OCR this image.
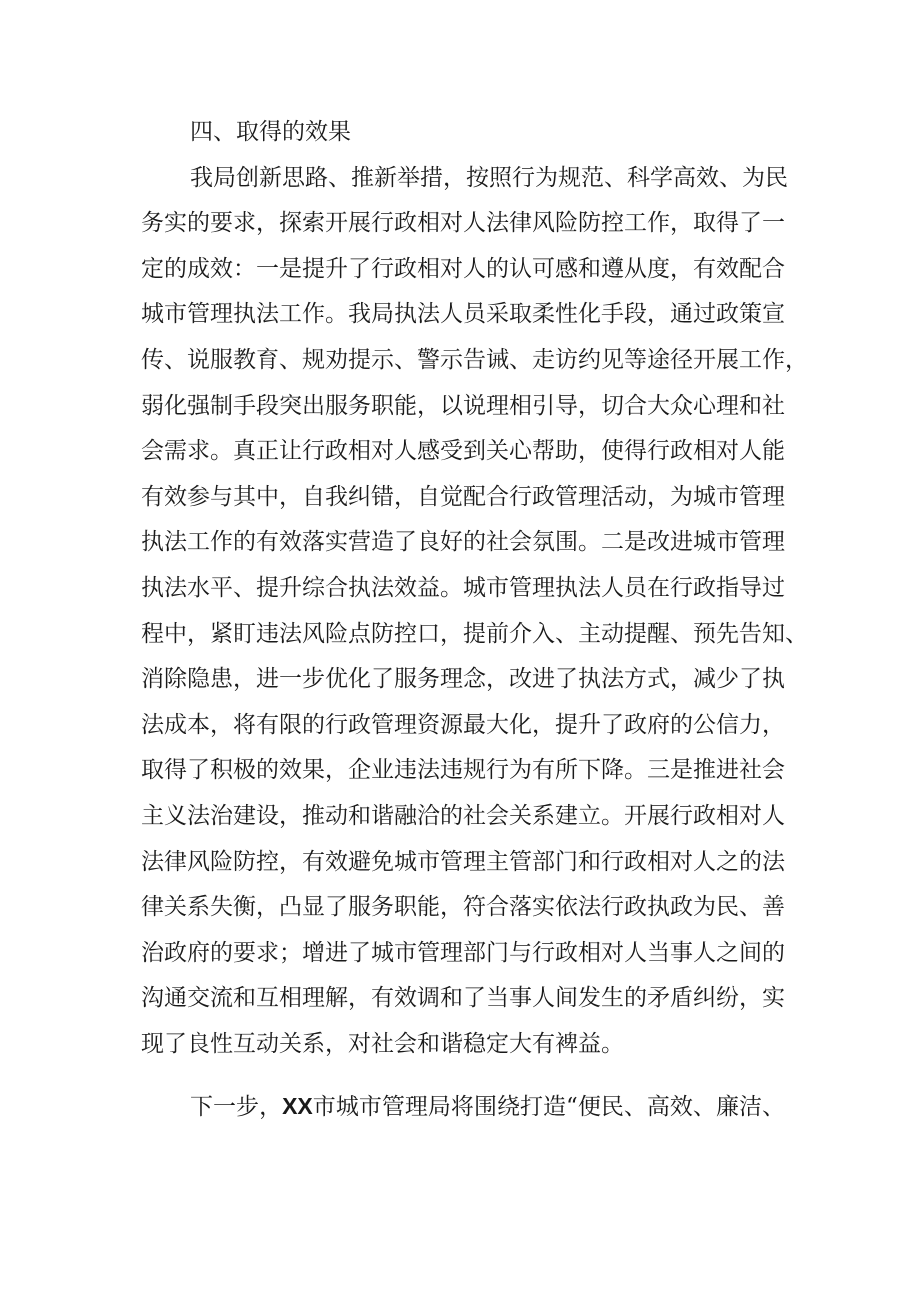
四、取得的效果
我局创新思路、推新举措，按照行为规范、科学高效、为民
务实的要求，探索开展行政相对人法律风险防控工作，取得了一
定的成效：一是提升了行政相对人的认可感和遵从度，有效配合
城市管理执法工作。我局执法人员采取柔性化手段，通过政策宣
传、说服教育、规劝提示、警示告诫、走访约见等途径开展工作，
弱化强制手段突出服务职能，以说理相引导，切合大众心理和社
会需求。真正让行政相对人感受到关心帮助，使得行政相对人能
有效参与其中，自我纠错，自觉配合行政管理活动，为城市管理
执法工作的有效落实营造了良好的社会氛围。二是改进城市管理
执法水平、提升综合执法效益。城市管理执法人员在行政指导过
程中，紧盯违法风险点防控口，提前介入、主动提醒、预先告知、
消除隐患，进一步优化了服务理念，改进了执法方式，减少了执
法成本，将有限的行政管理资源最大化，提升了政府的公信力，
取得了积极的效果，企业违法违规行为有所下降。三是推进社会
主义法治建设，推动和谐融洽的社会关系建立。开展行政相对人
法律风险防控，有效避免城市管理主管部门和行政相对人之的法
律关系失衡，凸显了服务职能，符合落实依法行政执政为民、善
治政府的要求；增进了城市管理部门与行政相对人当事人之间的
沟通交流和互相理解，有效调和了当事人间发生的矛盾纠纷，实
现了良性互动关系，对社会和谐稳定大有裨益。
下一步，XX市城市管理局将围绕打造“便民、高效、廉洁、
